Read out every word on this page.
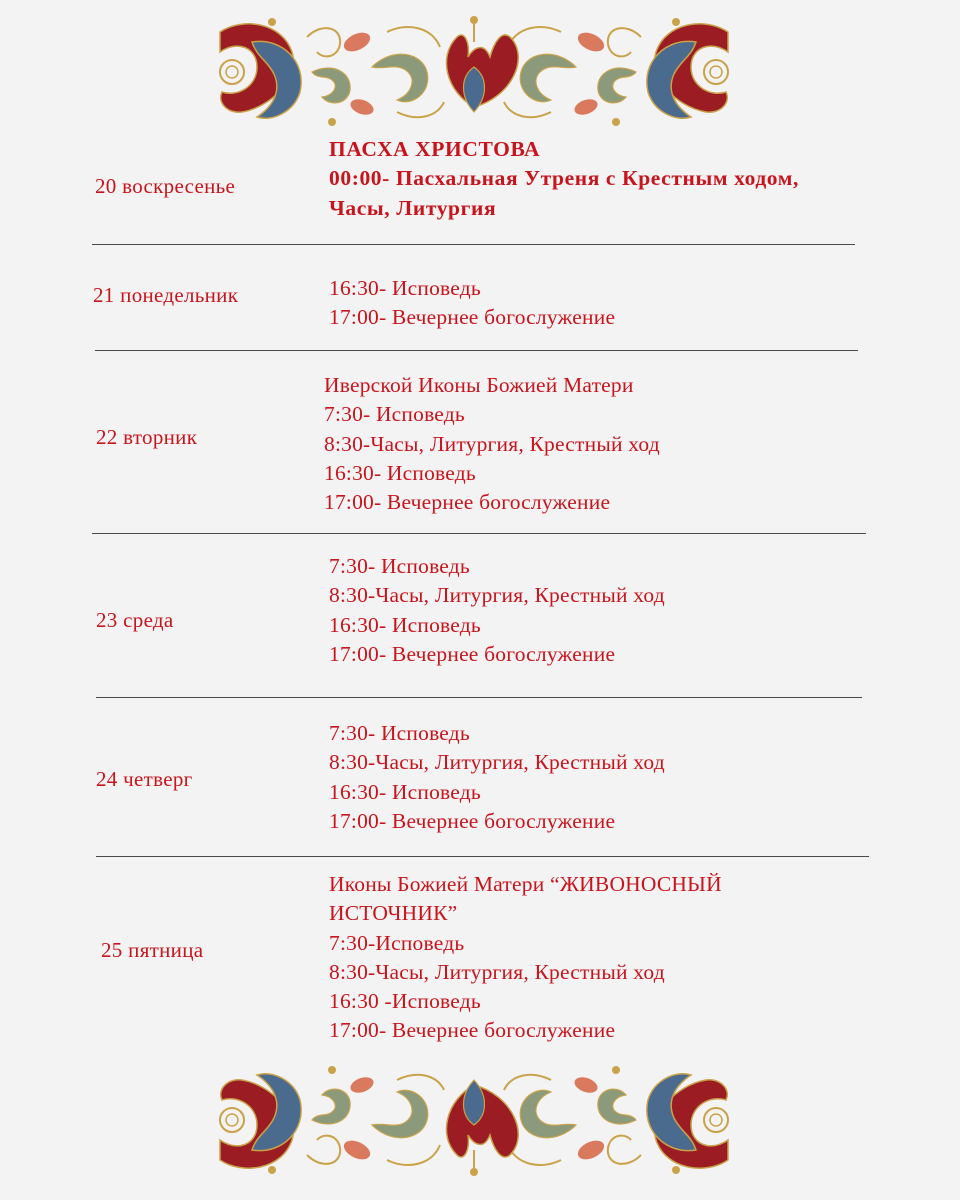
20 воскресенье
ПАСХА ХРИСТОВА
00:00- Пасхальная Утреня с Крестным ходом, Часы, Литургия
21 понедельник	16:30- Исповедь
17:00- Вечернее богослужение
22 вторник
Иверской Иконы Божией Матери
7:30- Исповедь
8:30-Часы, Литургия, Крестный ход
16:30- Исповедь
17:00- Вечернее богослужение
23 среда
7:30- Исповедь
8:30-Часы, Литургия, Крестный ход
16:30- Исповедь
17:00- Вечернее богослужение
24 четверг
7:30- Исповедь
8:30-Часы, Литургия, Крестный ход
16:30- Исповедь
17:00- Вечернее богослужение
25 пятница
Иконы Божией Матери “ЖИВОНОСНЫЙ ИСТОЧНИК”
7:30-Исповедь
8:30-Часы, Литургия, Крестный ход
16:30 -Исповедь
17:00- Вечернее богослужение
